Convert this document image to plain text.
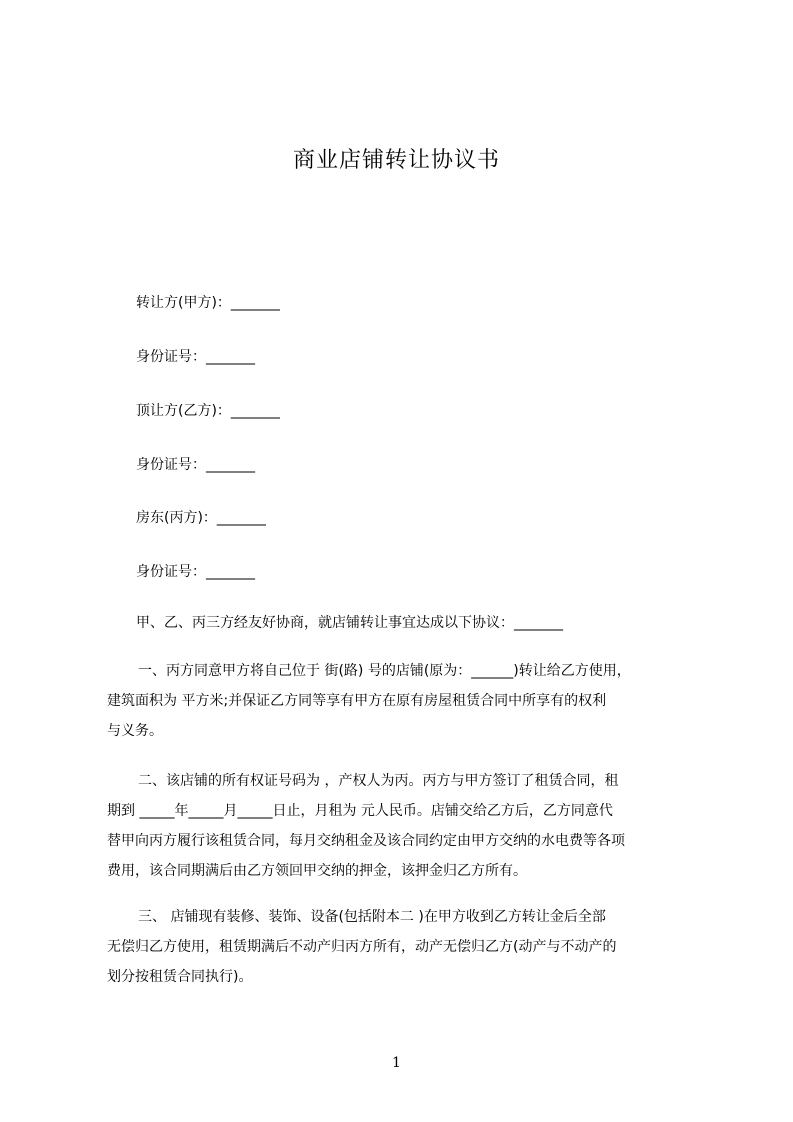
商业店铺转让协议书
转让方(甲方)：_______
身份证号：_______
顶让方(乙方)：_______
身份证号：_______
房东(丙方)：_______
身份证号：_______
甲、乙、丙三方经友好协商，就店铺转让事宜达成以下协议：_______
一、丙方同意甲方将自己位于 街(路) 号的店铺(原为：______)转让给乙方使用，
建筑面积为 平方米;并保证乙方同等享有甲方在原有房屋租赁合同中所享有的权利
与义务。
二、该店铺的所有权证号码为 ，产权人为丙。丙方与甲方签订了租赁合同，租
期到 _____年_____月_____日止，月租为 元人民币。店铺交给乙方后，乙方同意代
替甲向丙方履行该租赁合同，每月交纳租金及该合同约定由甲方交纳的水电费等各项
费用，该合同期满后由乙方领回甲交纳的押金，该押金归乙方所有。
三、 店铺现有装修、装饰、设备(包括附本二 )在甲方收到乙方转让金后全部
无偿归乙方使用，租赁期满后不动产归丙方所有，动产无偿归乙方(动产与不动产的
划分按租赁合同执行)。
1
